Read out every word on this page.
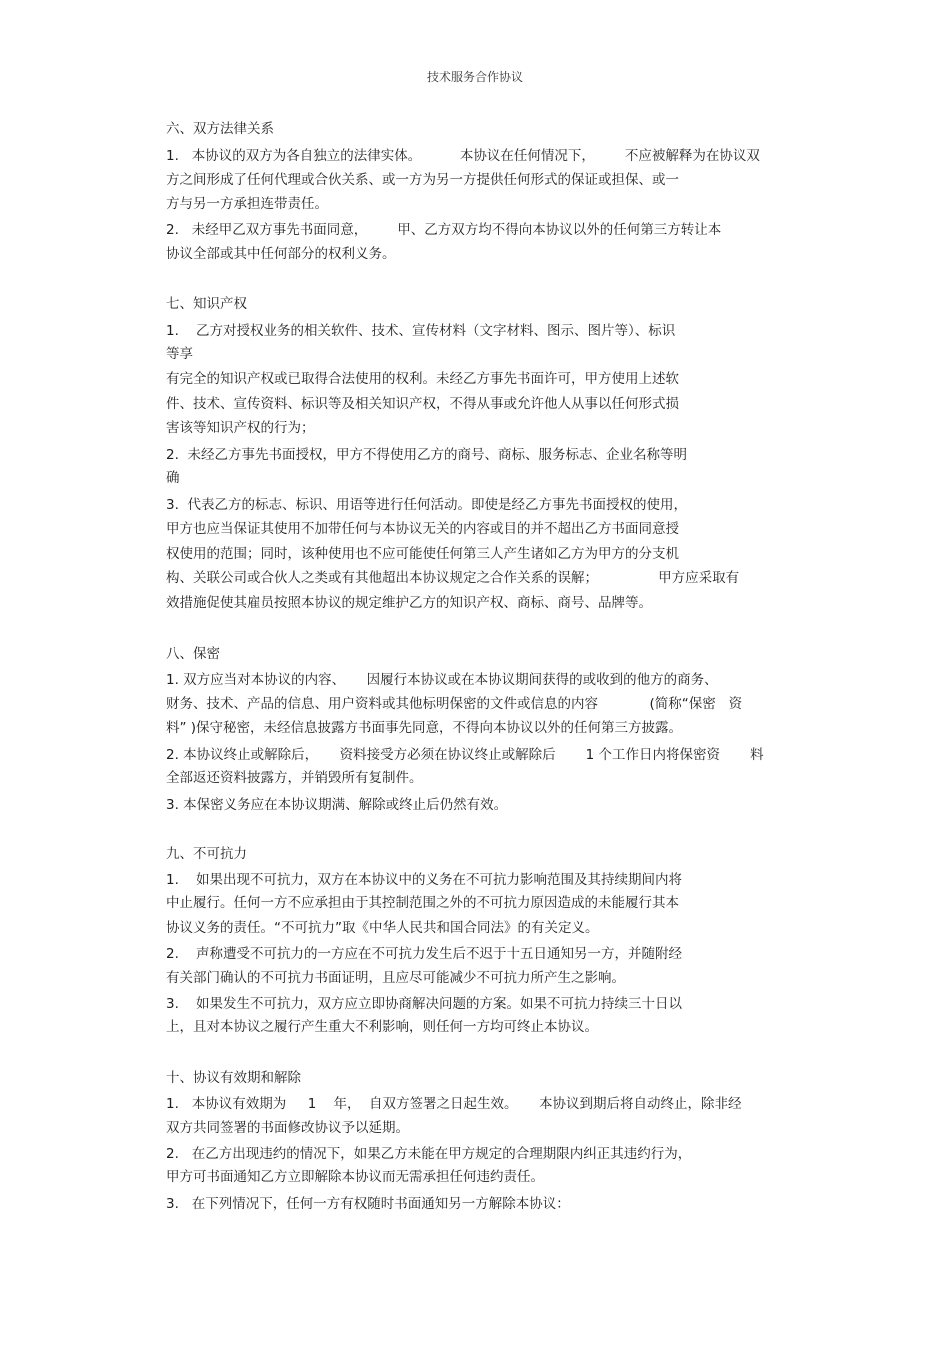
技术服务合作协议
六、双方法律关系
1.   本协议的双方为各自独立的法律实体。         本协议在任何情况下，       不应被解释为在协议双
方之间形成了任何代理或合伙关系、或一方为另一方提供任何形式的保证或担保、或一
方与另一方承担连带责任。
2.   未经甲乙双方事先书面同意，       甲、乙方双方均不得向本协议以外的任何第三方转让本
协议全部或其中任何部分的权利义务。
七、知识产权
1.    乙方对授权业务的相关软件、技术、宣传材料（文字材料、图示、图片等）、标识
等享
有完全的知识产权或已取得合法使用的权利。未经乙方事先书面许可，甲方使用上述软
件、技术、宣传资料、标识等及相关知识产权，不得从事或允许他人从事以任何形式损
害该等知识产权的行为；
2.  未经乙方事先书面授权，甲方不得使用乙方的商号、商标、服务标志、企业名称等明
确
3.  代表乙方的标志、标识、用语等进行任何活动。即使是经乙方事先书面授权的使用，
甲方也应当保证其使用不加带任何与本协议无关的内容或目的并不超出乙方书面同意授
权使用的范围；同时，该种使用也不应可能使任何第三人产生诸如乙方为甲方的分支机
构、关联公司或合伙人之类或有其他超出本协议规定之合作关系的误解；              甲方应采取有
效措施促使其雇员按照本协议的规定维护乙方的知识产权、商标、商号、品牌等。
八、保密
1. 双方应当对本协议的内容、     因履行本协议或在本协议期间获得的或收到的他方的商务、
财务、技术、产品的信息、用户资料或其他标明保密的文件或信息的内容            (简称“保密   资
料” )保守秘密，未经信息披露方书面事先同意，不得向本协议以外的任何第三方披露。
2. 本协议终止或解除后，     资料接受方必须在协议终止或解除后       1 个工作日内将保密资       料
全部返还资料披露方，并销毁所有复制件。
3. 本保密义务应在本协议期满、解除或终止后仍然有效。
九、不可抗力
1.    如果出现不可抗力，双方在本协议中的义务在不可抗力影响范围及其持续期间内将
中止履行。任何一方不应承担由于其控制范围之外的不可抗力原因造成的未能履行其本
协议义务的责任。“不可抗力”取《中华人民共和国合同法》的有关定义。
2.    声称遭受不可抗力的一方应在不可抗力发生后不迟于十五日通知另一方，并随附经
有关部门确认的不可抗力书面证明，且应尽可能减少不可抗力所产生之影响。
3.    如果发生不可抗力，双方应立即协商解决问题的方案。如果不可抗力持续三十日以
上，且对本协议之履行产生重大不利影响，则任何一方均可终止本协议。
十、协议有效期和解除
1.   本协议有效期为     1    年，  自双方签署之日起生效。     本协议到期后将自动终止，除非经
双方共同签署的书面修改协议予以延期。
2.   在乙方出现违约的情况下，如果乙方未能在甲方规定的合理期限内纠正其违约行为，
甲方可书面通知乙方立即解除本协议而无需承担任何违约责任。
3.   在下列情况下，任何一方有权随时书面通知另一方解除本协议：
